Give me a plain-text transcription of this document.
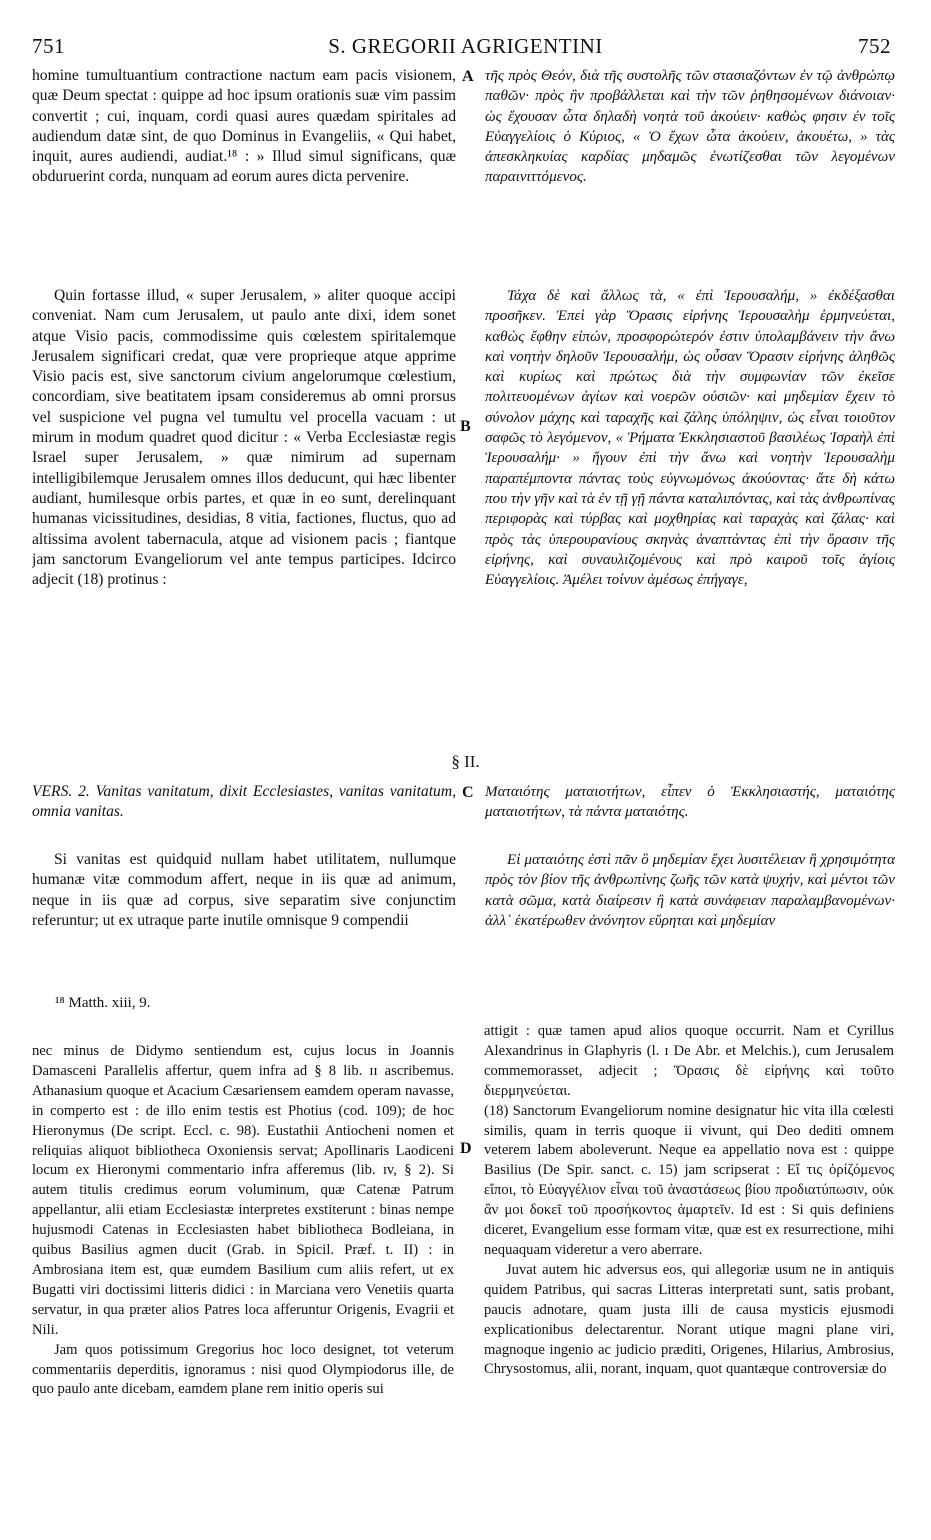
751	S. GREGORII AGRIGENTINI	752

homine tumultuantium contractione nactum eam pacis visionem, quæ Deum spectat : quippe ad hoc ipsum orationis suæ vim passim convertit ; cui, inquam, cordi quasi aures quædam spiritales ad audiendum datæ sint, de quo Dominus in Evangeliis, « Qui habet, inquit, aures audiendi, audiat.¹⁸ : » Illud simul significans, quæ obduruerint corda, nunquam ad eorum aures dicta pervenire.

A τῆς πρὸς Θεόν, διὰ τῆς συστολῆς τῶν στασιαζόντων ἐν τῷ ἀνθρώπῳ παθῶν· πρὸς ἣν προβάλλεται καὶ τὴν τῶν ῥηθησομένων διάνοιαν· ὡς ἔχουσαν ὦτα δηλαδὴ νοητὰ τοῦ ἀκούειν· καθὼς φησιν ἐν τοῖς Εὐαγγελίοις ὁ Κύριος, « Ὁ ἔχων ὦτα ἀκούειν, ἀκουέτω, » τὰς ἀπεσκληκυίας καρδίας μηδαμῶς ἐνωτίζεσθαι τῶν λεγομένων παραινιττόμενος.

Quin fortasse illud, « super Jerusalem, » aliter quoque accipi conveniat. Nam cum Jerusalem, ut paulo ante dixi, idem sonet atque Visio pacis, commodissime quis cœlestem spiritalemque Jerusalem significari credat, quæ vere proprieque atque apprime Visio pacis est, sive sanctorum civium angelorumque cœlestium, concordiam, sive beatitatem ipsam consideremus ab omni prorsus vel suspicione vel pugna vel tumultu vel procella vacuam : ut mirum in modum quadret quod dicitur : « Verba Ecclesiastæ regis Israel super Jerusalem, » quæ nimirum ad supernam intelligibilemque Jerusalem omnes illos deducunt, qui hæc libenter audiant, humilesque orbis partes, et quæ in eo sunt, derelinquant humanas vicissitudines, desidias, 8 vitia, factiones, fluctus, quo ad altissima avolent tabernacula, atque ad visionem pacis ; fiantque jam sanctorum Evangeliorum vel ante tempus participes. Idcirco adjecit (18) protinus :

B

Τάχα δὲ καὶ ἄλλως τὰ, « ἐπὶ Ἱερουσαλήμ, » ἐκδέξασθαι προσῆκεν. Ἐπεὶ γὰρ Ὅρασις εἰρήνης Ἱερουσαλὴμ ἑρμηνεύεται, καθὼς ἔφθην εἰπών, προσφορώτερόν ἐστιν ὑπολαμβάνειν τὴν ἄνω καὶ νοητὴν δηλοῦν Ἱερουσαλήμ, ὡς οὖσαν Ὅρασιν εἰρήνης ἀληθῶς καὶ κυρίως καὶ πρώτως διὰ τὴν συμφωνίαν τῶν ἐκεῖσε πολιτευομένων ἁγίων καὶ νοερῶν οὐσιῶν· καὶ μηδεμίαν ἔχειν τὸ σύνολον μάχης καὶ ταραχῆς καὶ ζάλης ὑπόληψιν, ὡς εἶναι τοιοῦτον σαφῶς τὸ λεγόμενον, « Ῥήματα Ἐκκλησιαστοῦ βασιλέως Ἰσραὴλ ἐπὶ Ἱερουσαλήμ· » ἤγουν ἐπὶ τὴν ἄνω καὶ νοητὴν Ἱερουσαλὴμ παραπέμποντα πάντας τοὺς εὐγνωμόνως ἀκούοντας· ἅτε δὴ κάτω που τὴν γῆν καὶ τὰ ἐν τῇ γῇ πάντα καταλιπόντας, καὶ τὰς ἀνθρωπίνας περιφορὰς καὶ τύρβας καὶ μοχθηρίας καὶ ταραχὰς καὶ ζάλας· καὶ πρὸς τὰς ὑπερουρανίους σκηνὰς ἀναπτάντας ἐπὶ τὴν ὅρασιν τῆς εἰρήνης, καὶ συναυλιζομένους καὶ πρὸ καιροῦ τοῖς ἁγίοις Εὐαγγελίοις. Ἀμέλει τοίνυν ἀμέσως ἐπήγαγε,

§ II.

VERS. 2. Vanitas vanitatum, dixit Ecclesiastes, vanitas vanitatum, omnia vanitas.

C Ματαιότης ματαιοτήτων, εἶπεν ὁ Ἐκκλησιαστής, ματαιότης ματαιοτήτων, τὰ πάντα ματαιότης.

Si vanitas est quidquid nullam habet utilitatem, nullumque humanæ vitæ commodum affert, neque in iis quæ ad animum, neque in iis quæ ad corpus, sive separatim sive conjunctim referuntur; ut ex utraque parte inutile omnisque 9 compendii

Εἰ ματαιότης ἐστὶ πᾶν ὃ μηδεμίαν ἔχει λυσιτέλειαν ἢ χρησιμότητα πρὸς τὸν βίον τῆς ἀνθρωπίνης ζωῆς τῶν κατὰ ψυχήν, καὶ μέντοι τῶν κατὰ σῶμα, κατὰ διαίρεσιν ἢ κατὰ συνάφειαν παραλαμβανομένων· ἀλλ᾽ ἑκατέρωθεν ἀνόνητον εὕρηται καὶ μηδεμίαν

¹⁸ Matth. xiii, 9.

nec minus de Didymo sentiendum est, cujus locus in Joannis Damasceni Parallelis affertur, quem infra ad § 8 lib. ɪɪ ascribemus. Athanasium quoque et Acacium Cæsariensem eamdem operam navasse, in comperto est : de illo enim testis est Photius (cod. 109); de hoc Hieronymus (De script. Eccl. c. 98). Eustathii Antiocheni nomen et reliquias aliquot bibliotheca Oxoniensis servat; Apollinaris Laodiceni locum ex Hieronymi commentario infra afferemus (lib. ɪv, § 2). Si autem titulis credimus eorum voluminum, quæ Catenæ Patrum appellantur, alii etiam Ecclesiastæ interpretes exstiterunt : binas nempe hujusmodi Catenas in Ecclesiasten habet bibliotheca Bodleiana, in quibus Basilius agmen ducit (Grab. in Spicil. Præf. t. II) : in Ambrosiana item est, quæ eumdem Basilium cum aliis refert, ut ex Bugatti viri doctissimi litteris didici : in Marciana vero Venetiis quarta servatur, in qua præter alios Patres loca afferuntur Origenis, Evagrii et Nili.

Jam quos potissimum Gregorius hoc loco designet, tot veterum commentariis deperditis, ignoramus : nisi quod Olympiodorus ille, de quo paulo ante dicebam, eamdem plane rem initio operis sui

D

attigit : quæ tamen apud alios quoque occurrit. Nam et Cyrillus Alexandrinus in Glaphyris (l. ɪ De Abr. et Melchis.), cum Jerusalem commemorasset, adjecit ; Ὅρασις δὲ εἰρήνης καὶ τοῦτο διερμηνεύεται.

(18) Sanctorum Evangeliorum nomine designatur hic vita illa cœlesti similis, quam in terris quoque ii vivunt, qui Deo dediti omnem veterem labem aboleverunt. Neque ea appellatio nova est : quippe Basilius (De Spir. sanct. c. 15) jam scripserat : Εἴ τις ὁρίζόμενος εἴποι, τὸ Εὐαγγέλιον εἶναι τοῦ ἀναστάσεως βίου προδιατύπωσιν, οὐκ ἂν μοι δοκεῖ τοῦ προσήκοντος ἁμαρτεῖν. Id est : Si quis definiens diceret, Evangelium esse formam vitæ, quæ est ex resurrectione, mihi nequaquam videretur a vero aberrare.

Juvat autem hic adversus eos, qui allegoriæ usum ne in antiquis quidem Patribus, qui sacras Litteras interpretati sunt, satis probant, paucis adnotare, quam justa illi de causa mysticis ejusmodi explicationibus delectarentur. Norant utique magni plane viri, magnoque ingenio ac judicio præditi, Origenes, Hilarius, Ambrosius, Chrysostomus, alii, norant, inquam, quot quantæque controversiæ do
